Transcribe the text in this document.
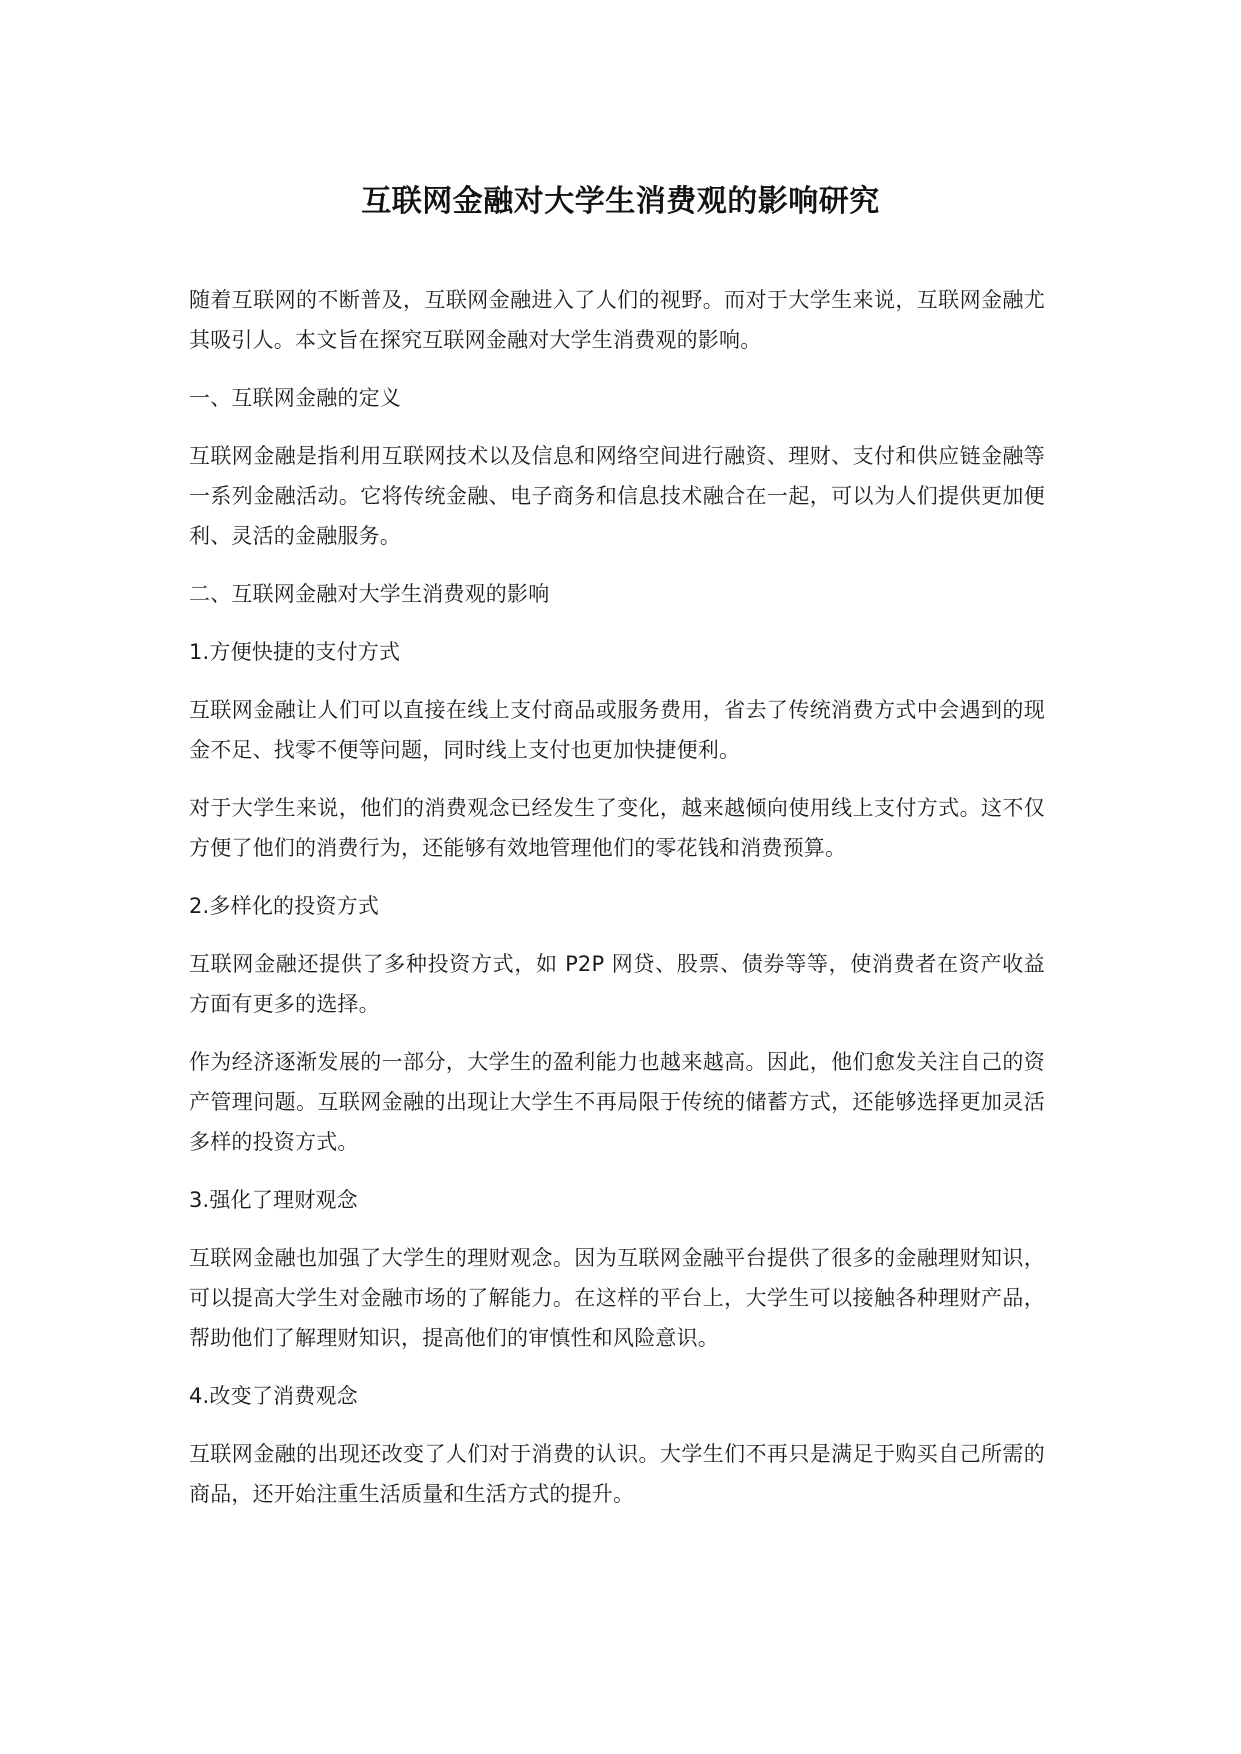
互联网金融对大学生消费观的影响研究

随着互联网的不断普及，互联网金融进入了人们的视野。而对于大学生来说，互联网金融尤其吸引人。本文旨在探究互联网金融对大学生消费观的影响。

一、互联网金融的定义

互联网金融是指利用互联网技术以及信息和网络空间进行融资、理财、支付和供应链金融等一系列金融活动。它将传统金融、电子商务和信息技术融合在一起，可以为人们提供更加便利、灵活的金融服务。

二、互联网金融对大学生消费观的影响

1.方便快捷的支付方式

互联网金融让人们可以直接在线上支付商品或服务费用，省去了传统消费方式中会遇到的现金不足、找零不便等问题，同时线上支付也更加快捷便利。

对于大学生来说，他们的消费观念已经发生了变化，越来越倾向使用线上支付方式。这不仅方便了他们的消费行为，还能够有效地管理他们的零花钱和消费预算。

2.多样化的投资方式

互联网金融还提供了多种投资方式，如 P2P 网贷、股票、债券等等，使消费者在资产收益方面有更多的选择。

作为经济逐渐发展的一部分，大学生的盈利能力也越来越高。因此，他们愈发关注自己的资产管理问题。互联网金融的出现让大学生不再局限于传统的储蓄方式，还能够选择更加灵活多样的投资方式。

3.强化了理财观念

互联网金融也加强了大学生的理财观念。因为互联网金融平台提供了很多的金融理财知识，可以提高大学生对金融市场的了解能力。在这样的平台上，大学生可以接触各种理财产品，帮助他们了解理财知识，提高他们的审慎性和风险意识。

4.改变了消费观念

互联网金融的出现还改变了人们对于消费的认识。大学生们不再只是满足于购买自己所需的商品，还开始注重生活质量和生活方式的提升。
